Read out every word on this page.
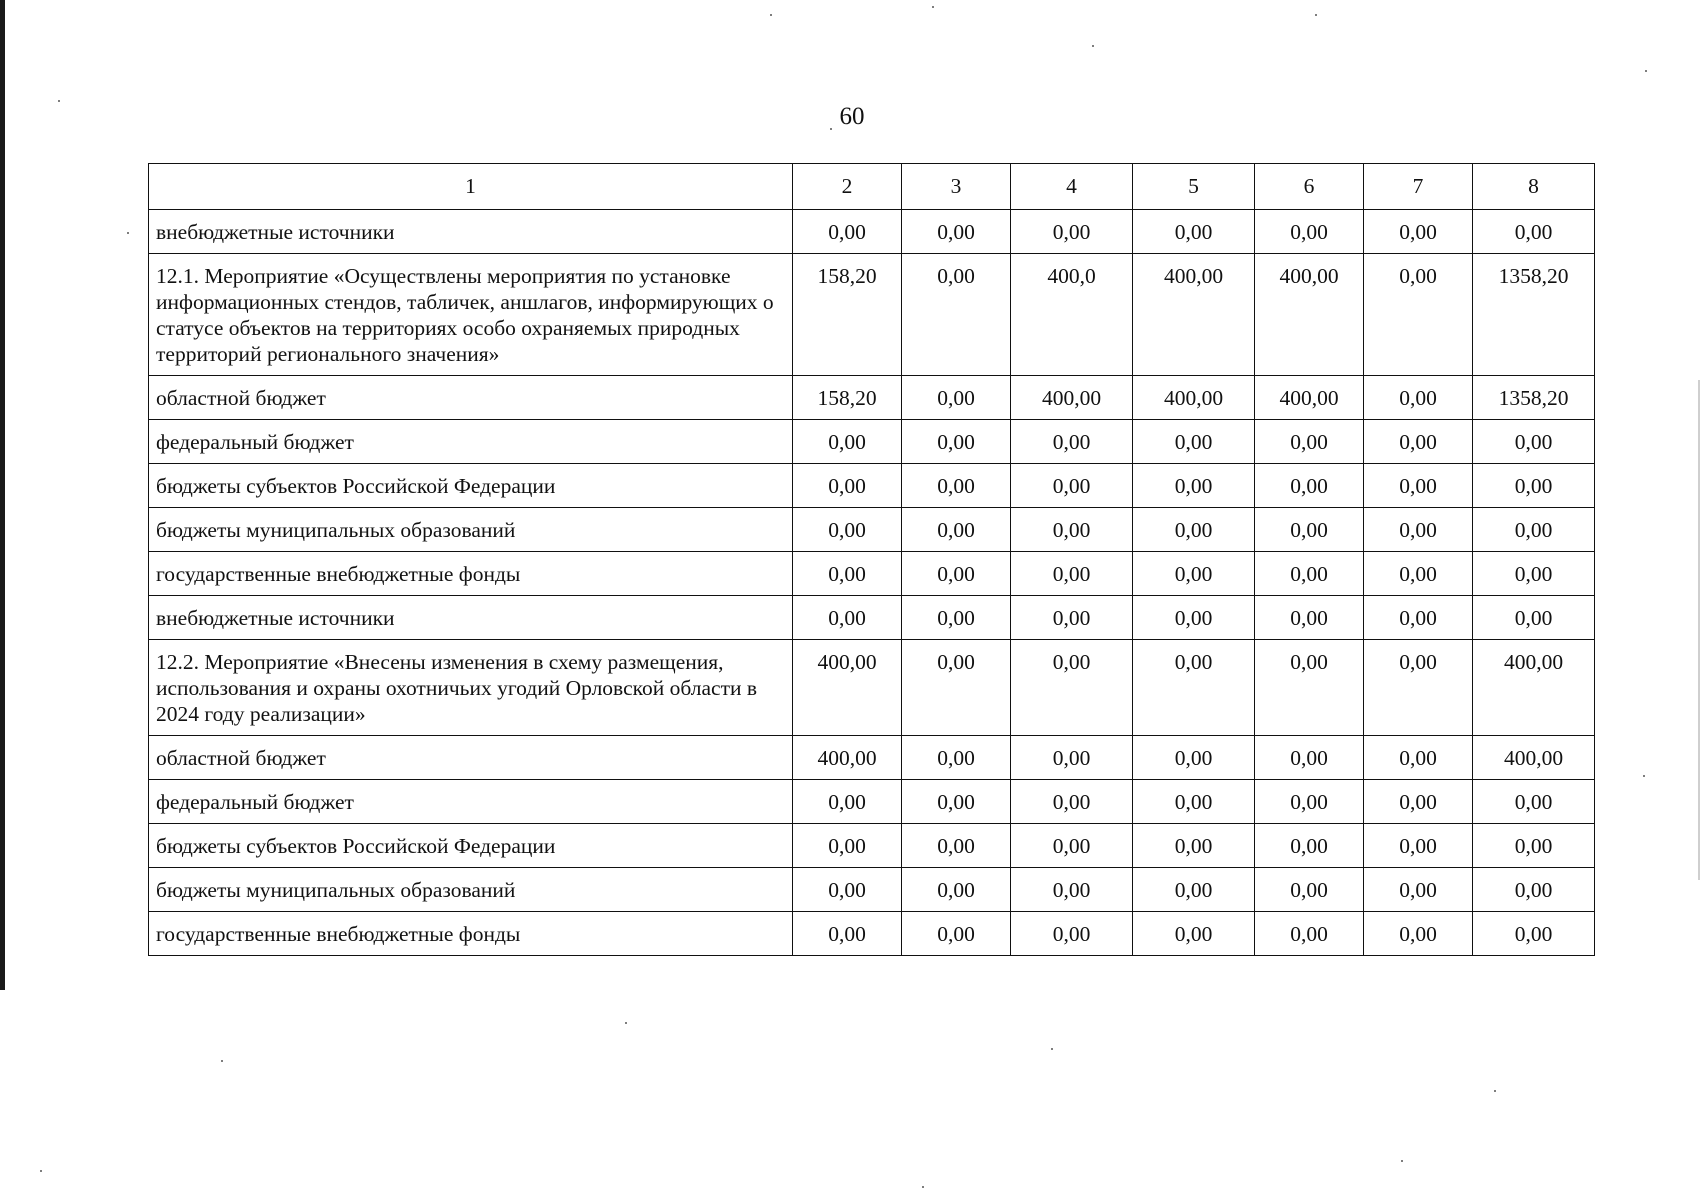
60
1	2	3	4	5	6	7	8
внебюджетные источники	0,00	0,00	0,00	0,00	0,00	0,00	0,00
12.1. Мероприятие «Осуществлены мероприятия по установке информационных стендов, табличек, аншлагов, информирующих о статусе объектов на территориях особо охраняемых природных территорий регионального значения»	158,20	0,00	400,0	400,00	400,00	0,00	1358,20
областной бюджет	158,20	0,00	400,00	400,00	400,00	0,00	1358,20
федеральный бюджет	0,00	0,00	0,00	0,00	0,00	0,00	0,00
бюджеты субъектов Российской Федерации	0,00	0,00	0,00	0,00	0,00	0,00	0,00
бюджеты муниципальных образований	0,00	0,00	0,00	0,00	0,00	0,00	0,00
государственные внебюджетные фонды	0,00	0,00	0,00	0,00	0,00	0,00	0,00
внебюджетные источники	0,00	0,00	0,00	0,00	0,00	0,00	0,00
12.2. Мероприятие «Внесены изменения в схему размещения, использования и охраны охотничьих угодий Орловской области в 2024 году реализации»	400,00	0,00	0,00	0,00	0,00	0,00	400,00
областной бюджет	400,00	0,00	0,00	0,00	0,00	0,00	400,00
федеральный бюджет	0,00	0,00	0,00	0,00	0,00	0,00	0,00
бюджеты субъектов Российской Федерации	0,00	0,00	0,00	0,00	0,00	0,00	0,00
бюджеты муниципальных образований	0,00	0,00	0,00	0,00	0,00	0,00	0,00
государственные внебюджетные фонды	0,00	0,00	0,00	0,00	0,00	0,00	0,00
